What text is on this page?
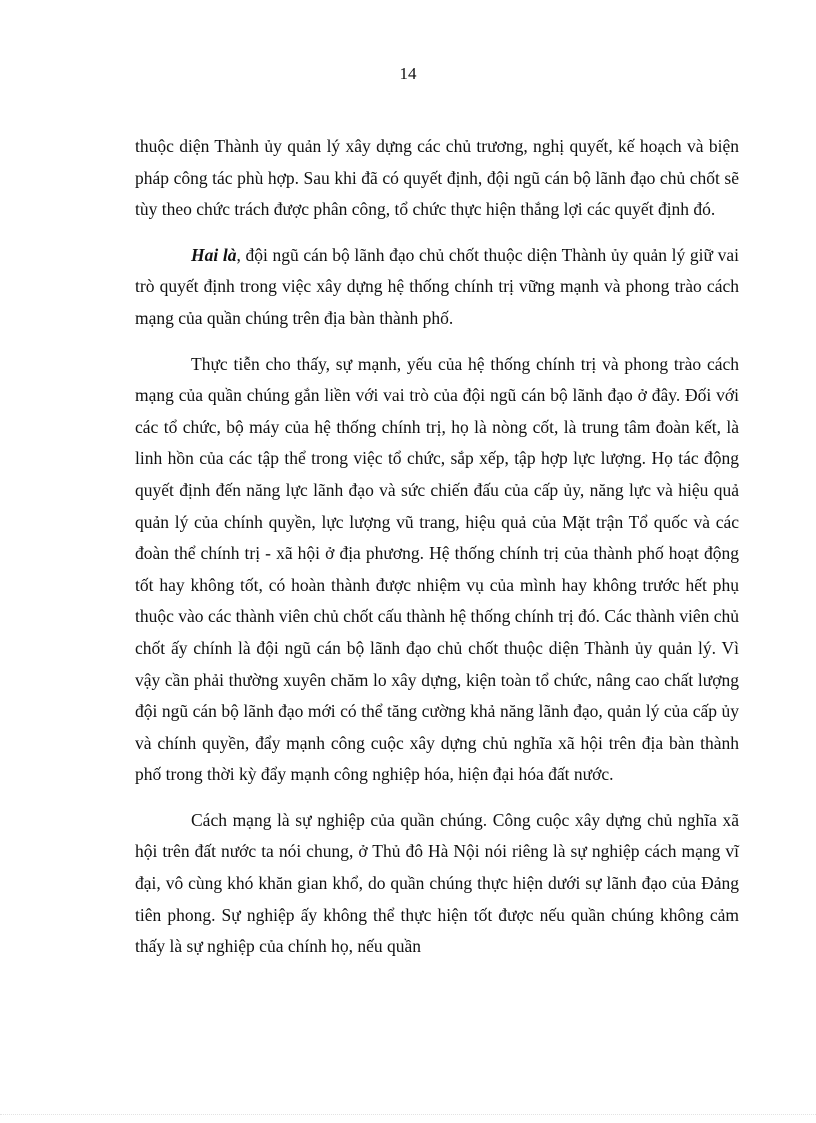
14

thuộc diện Thành ủy quản lý xây dựng các chủ trương, nghị quyết, kế hoạch và biện pháp công tác phù hợp. Sau khi đã có quyết định, đội ngũ cán bộ lãnh đạo chủ chốt sẽ tùy theo chức trách được phân công, tổ chức thực hiện thắng lợi các quyết định đó.

Hai là, đội ngũ cán bộ lãnh đạo chủ chốt thuộc diện Thành ủy quản lý giữ vai trò quyết định trong việc xây dựng hệ thống chính trị vững mạnh và phong trào cách mạng của quần chúng trên địa bàn thành phố.

Thực tiễn cho thấy, sự mạnh, yếu của hệ thống chính trị và phong trào cách mạng của quần chúng gắn liền với vai trò của đội ngũ cán bộ lãnh đạo ở đây. Đối với các tổ chức, bộ máy của hệ thống chính trị, họ là nòng cốt, là trung tâm đoàn kết, là linh hồn của các tập thể trong việc tổ chức, sắp xếp, tập hợp lực lượng. Họ tác động quyết định đến năng lực lãnh đạo và sức chiến đấu của cấp ủy, năng lực và hiệu quả quản lý của chính quyền, lực lượng vũ trang, hiệu quả của Mặt trận Tổ quốc và các đoàn thể chính trị - xã hội ở địa phương. Hệ thống chính trị của thành phố hoạt động tốt hay không tốt, có hoàn thành được nhiệm vụ của mình hay không trước hết phụ thuộc vào các thành viên chủ chốt cấu thành hệ thống chính trị đó. Các thành viên chủ chốt ấy chính là đội ngũ cán bộ lãnh đạo chủ chốt thuộc diện Thành ủy quản lý. Vì vậy cần phải thường xuyên chăm lo xây dựng, kiện toàn tổ chức, nâng cao chất lượng đội ngũ cán bộ lãnh đạo mới có thể tăng cường khả năng lãnh đạo, quản lý của cấp ủy và chính quyền, đẩy mạnh công cuộc xây dựng chủ nghĩa xã hội trên địa bàn thành phố trong thời kỳ đẩy mạnh công nghiệp hóa, hiện đại hóa đất nước.

Cách mạng là sự nghiệp của quần chúng. Công cuộc xây dựng chủ nghĩa xã hội trên đất nước ta nói chung, ở Thủ đô Hà Nội nói riêng là sự nghiệp cách mạng vĩ đại, vô cùng khó khăn gian khổ, do quần chúng thực hiện dưới sự lãnh đạo của Đảng tiên phong. Sự nghiệp ấy không thể thực hiện tốt được nếu quần chúng không cảm thấy là sự nghiệp của chính họ, nếu quần
